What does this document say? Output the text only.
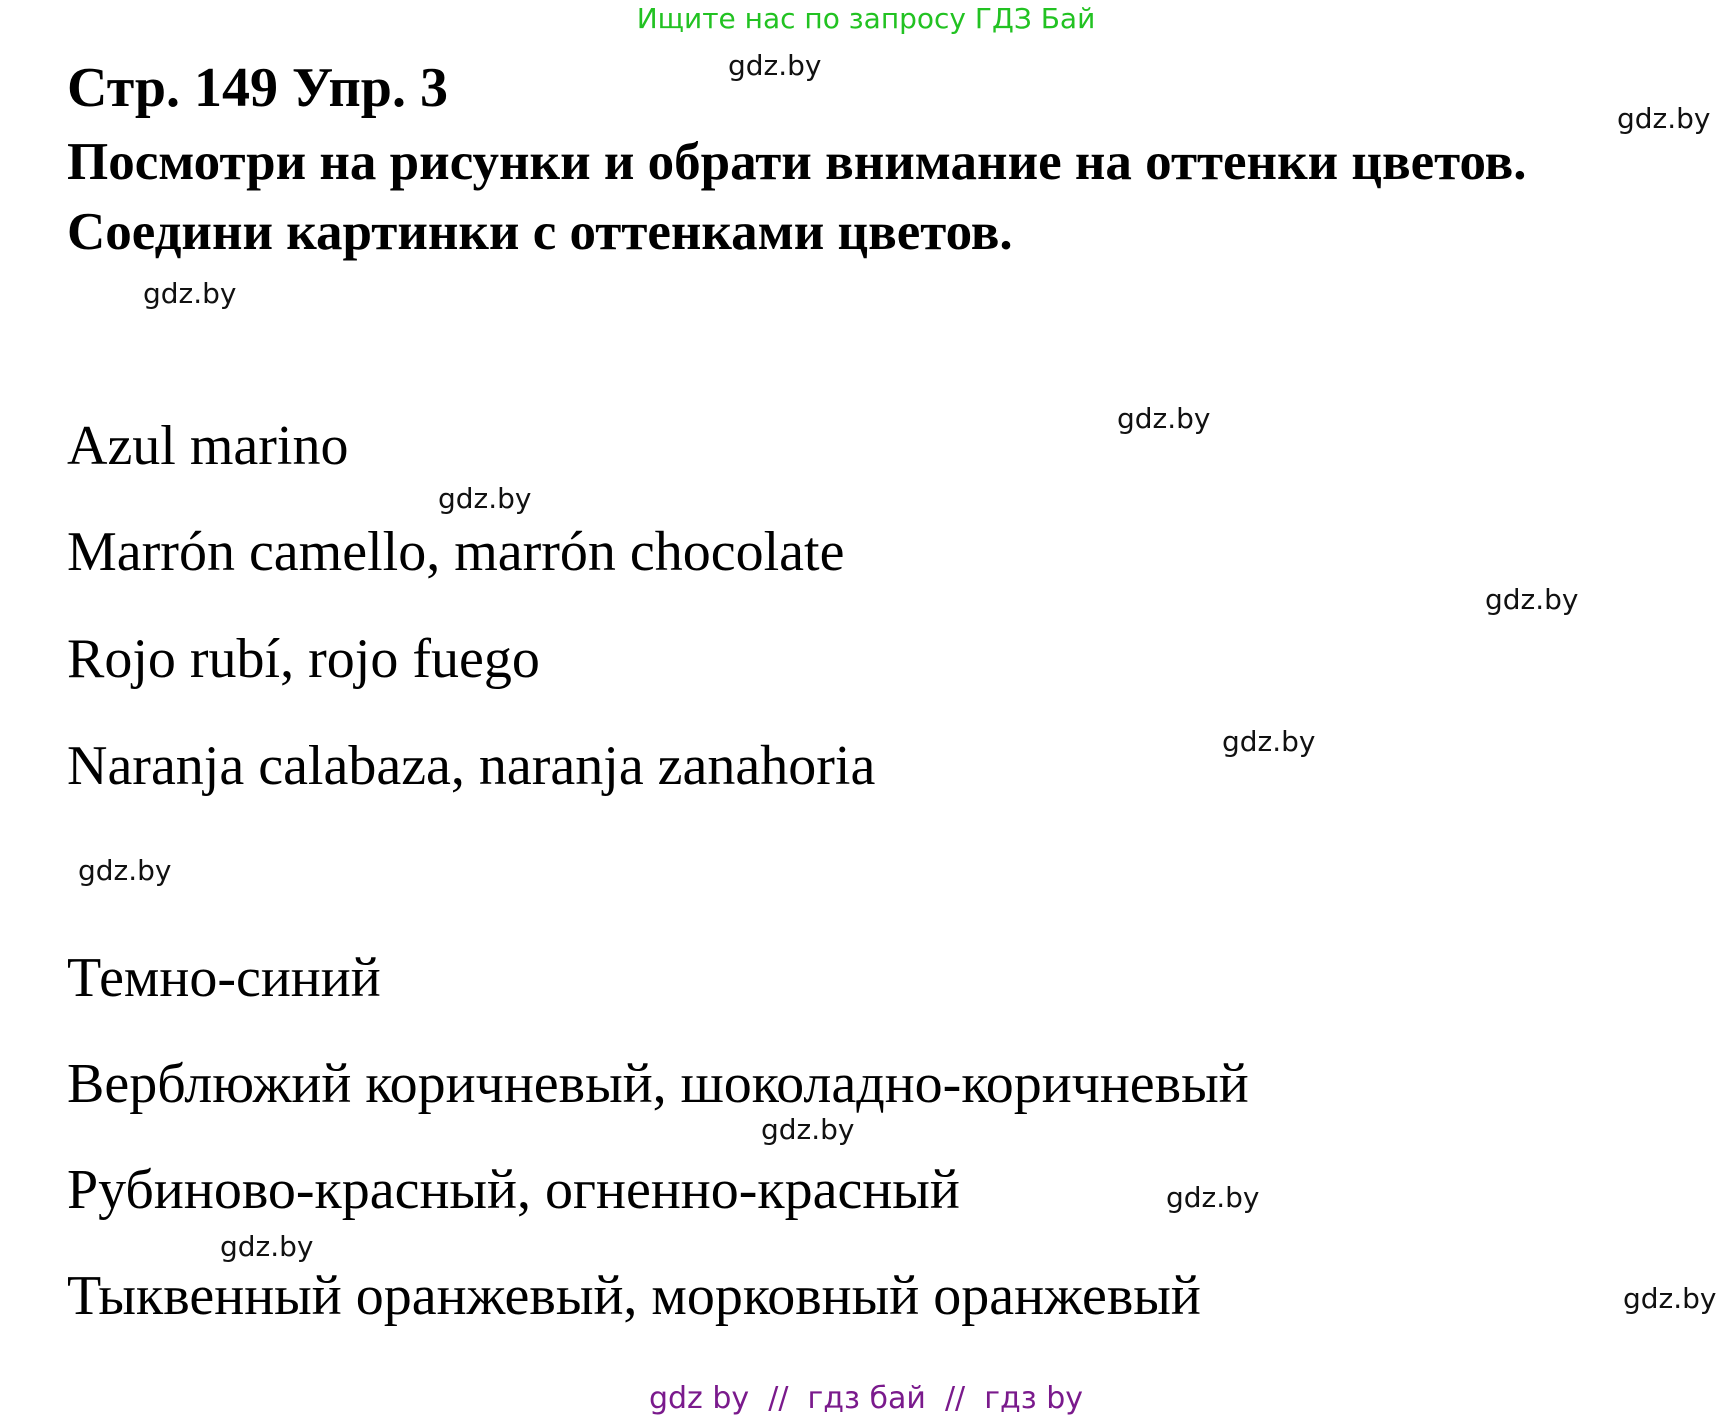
Ищите нас по запросу ГДЗ Бай
Стр. 149 Упр. 3
Посмотри на рисунки и обрати внимание на оттенки цветов.
Соедини картинки с оттенками цветов.
Azul marino
Marrón camello, marrón chocolate
Rojo rubí, rojo fuego
Naranja calabaza, naranja zanahoria
Темно-синий
Верблюжий коричневый, шоколадно-коричневый
Рубиново-красный, огненно-красный
Тыквенный оранжевый, морковный оранжевый
gdz.by
gdz.by
gdz.by
gdz.by
gdz.by
gdz.by
gdz.by
gdz.by
gdz.by
gdz.by
gdz.by
gdz.by
gdz by  //  гдз бай  //  гдз by
